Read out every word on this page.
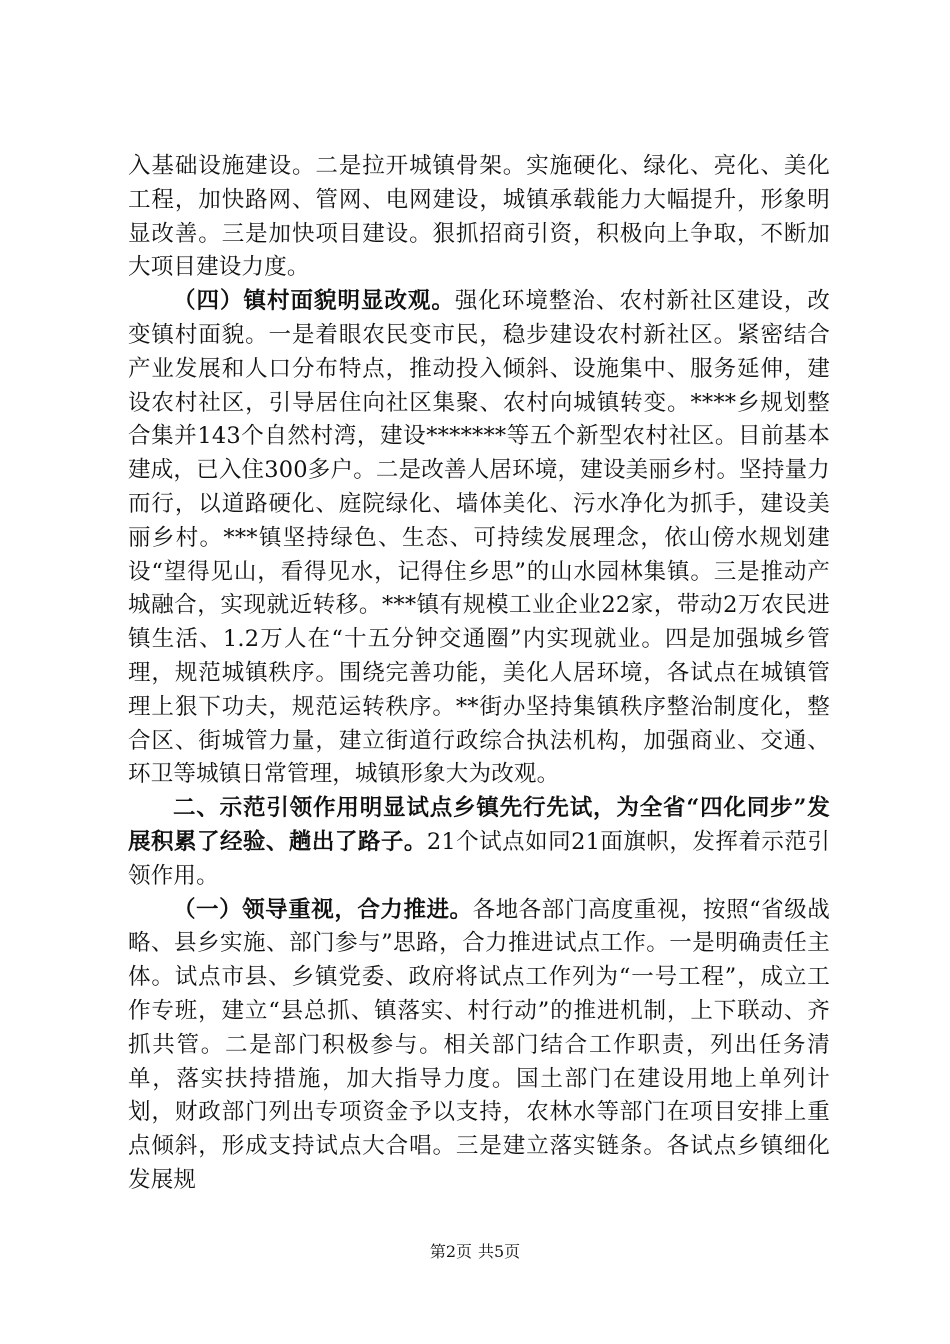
入基础设施建设。二是拉开城镇骨架。实施硬化、绿化、亮化、美化工程，加快路网、管网、电网建设，城镇承载能力大幅提升，形象明显改善。三是加快项目建设。狠抓招商引资，积极向上争取，不断加大项目建设力度。

（四）镇村面貌明显改观。强化环境整治、农村新社区建设，改变镇村面貌。一是着眼农民变市民，稳步建设农村新社区。紧密结合产业发展和人口分布特点，推动投入倾斜、设施集中、服务延伸，建设农村社区，引导居住向社区集聚、农村向城镇转变。****乡规划整合集并143个自然村湾，建设*******等五个新型农村社区。目前基本建成，已入住300多户。二是改善人居环境，建设美丽乡村。坚持量力而行，以道路硬化、庭院绿化、墙体美化、污水净化为抓手，建设美丽乡村。***镇坚持绿色、生态、可持续发展理念，依山傍水规划建设“望得见山，看得见水，记得住乡思”的山水园林集镇。三是推动产城融合，实现就近转移。***镇有规模工业企业22家，带动2万农民进镇生活、1.2万人在“十五分钟交通圈”内实现就业。四是加强城乡管理，规范城镇秩序。围绕完善功能，美化人居环境，各试点在城镇管理上狠下功夫，规范运转秩序。**街办坚持集镇秩序整治制度化，整合区、街城管力量，建立街道行政综合执法机构，加强商业、交通、环卫等城镇日常管理，城镇形象大为改观。

二、示范引领作用明显试点乡镇先行先试，为全省“四化同步”发展积累了经验、趟出了路子。21个试点如同21面旗帜，发挥着示范引领作用。

（一）领导重视，合力推进。各地各部门高度重视，按照“省级战略、县乡实施、部门参与”思路，合力推进试点工作。一是明确责任主体。试点市县、乡镇党委、政府将试点工作列为“一号工程”，成立工作专班，建立“县总抓、镇落实、村行动”的推进机制，上下联动、齐抓共管。二是部门积极参与。相关部门结合工作职责，列出任务清单，落实扶持措施，加大指导力度。国土部门在建设用地上单列计划，财政部门列出专项资金予以支持，农林水等部门在项目安排上重点倾斜，形成支持试点大合唱。三是建立落实链条。各试点乡镇细化发展规

第2页 共5页
